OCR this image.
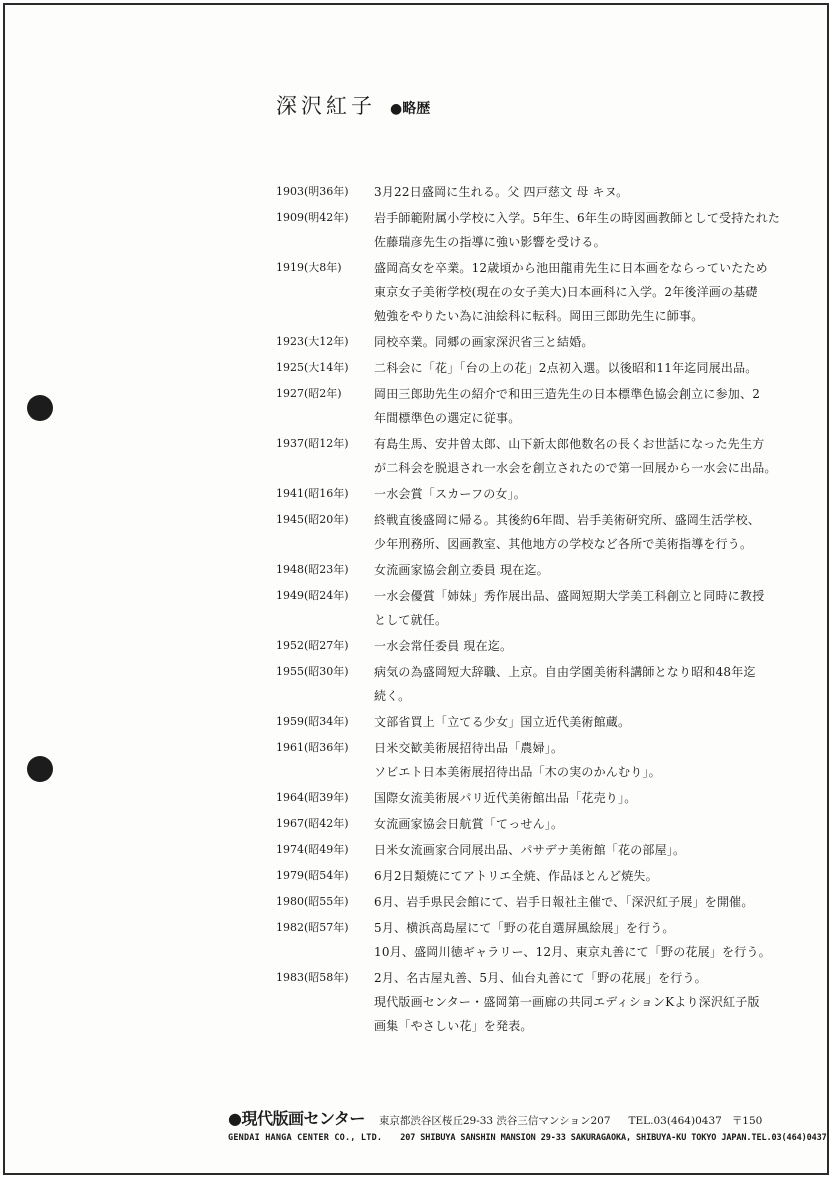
深沢紅子 ●略歴
1903(明36年)	3月22日盛岡に生れる。父 四戸慈文 母 キヌ。
1909(明42年)	岩手師範附属小学校に入学。5年生、6年生の時図画教師として受持たれた
佐藤瑞彦先生の指導に強い影響を受ける。
1919(大8年)	盛岡高女を卒業。12歳頃から池田龍甫先生に日本画をならっていたため
東京女子美術学校(現在の女子美大)日本画科に入学。2年後洋画の基礎
勉強をやりたい為に油絵科に転科。岡田三郎助先生に師事。
1923(大12年)	同校卒業。同郷の画家深沢省三と結婚。
1925(大14年)	二科会に「花」「台の上の花」2点初入選。以後昭和11年迄同展出品。
1927(昭2年)	岡田三郎助先生の紹介で和田三造先生の日本標準色協会創立に参加、2
年間標準色の選定に従事。
1937(昭12年)	有島生馬、安井曽太郎、山下新太郎他数名の長くお世話になった先生方
が二科会を脱退され一水会を創立されたので第一回展から一水会に出品。
1941(昭16年)	一水会賞「スカーフの女」。
1945(昭20年)	終戦直後盛岡に帰る。其後約6年間、岩手美術研究所、盛岡生活学校、
少年刑務所、図画教室、其他地方の学校など各所で美術指導を行う。
1948(昭23年)	女流画家協会創立委員 現在迄。
1949(昭24年)	一水会優賞「姉妹」秀作展出品、盛岡短期大学美工科創立と同時に教授
として就任。
1952(昭27年)	一水会常任委員 現在迄。
1955(昭30年)	病気の為盛岡短大辞職、上京。自由学園美術科講師となり昭和48年迄
続く。
1959(昭34年)	文部省買上「立てる少女」国立近代美術館蔵。
1961(昭36年)	日米交歓美術展招待出品「農婦」。
ソビエト日本美術展招待出品「木の実のかんむり」。
1964(昭39年)	国際女流美術展パリ近代美術館出品「花売り」。
1967(昭42年)	女流画家協会日航賞「てっせん」。
1974(昭49年)	日米女流画家合同展出品、パサデナ美術館「花の部屋」。
1979(昭54年)	6月2日類焼にてアトリエ全焼、作品ほとんど焼失。
1980(昭55年)	6月、岩手県民会館にて、岩手日報社主催で、「深沢紅子展」を開催。
1982(昭57年)	5月、横浜高島屋にて「野の花自選屏風絵展」を行う。
10月、盛岡川徳ギャラリー、12月、東京丸善にて「野の花展」を行う。
1983(昭58年)	2月、名古屋丸善、5月、仙台丸善にて「野の花展」を行う。
現代版画センター・盛岡第一画廊の共同エディションKより深沢紅子版
画集「やさしい花」を発表。
●現代版画センター 東京都渋谷区桜丘29-33 渋谷三信マンション207 TEL.03(464)0437 〒150
GENDAI HANGA CENTER CO., LTD. 207 SHIBUYA SANSHIN MANSION 29-33 SAKURAGAOKA, SHIBUYA-KU TOKYO JAPAN.TEL.03(464)0437
